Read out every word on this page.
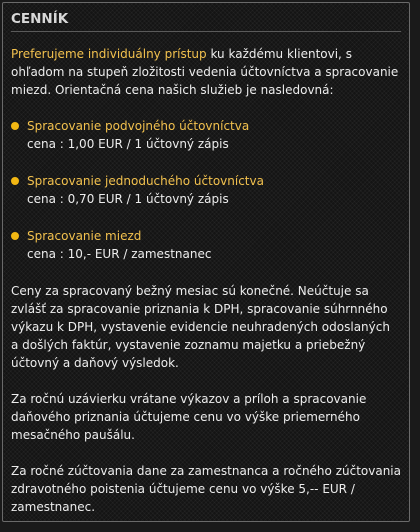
CENNÍK

Preferujeme individuálny prístup ku každému klientovi, s ohľadom na stupeň zložitosti vedenia účtovníctva a spracovanie miezd. Orientačná cena našich služieb je nasledovná:

Spracovanie podvojného účtovníctva
cena : 1,00 EUR / 1 účtovný zápis
Spracovanie jednoduchého účtovníctva
cena : 0,70 EUR / 1 účtovný zápis
Spracovanie miezd
cena : 10,- EUR / zamestnanec

Ceny za spracovaný bežný mesiac sú konečné. Neúčtuje sa zvlášť za spracovanie priznania k DPH, spracovanie súhrnného výkazu k DPH, vystavenie evidencie neuhradených odoslaných a došlých faktúr, vystavenie zoznamu majetku a priebežný účtovný a daňový výsledok.

Za ročnú uzávierku vrátane výkazov a príloh a spracovanie daňového priznania účtujeme cenu vo výške priemerného mesačného paušálu.

Za ročné zúčtovania dane za zamestnanca a ročného zúčtovania zdravotného poistenia účtujeme cenu vo výške 5,-- EUR / zamestnanec.
